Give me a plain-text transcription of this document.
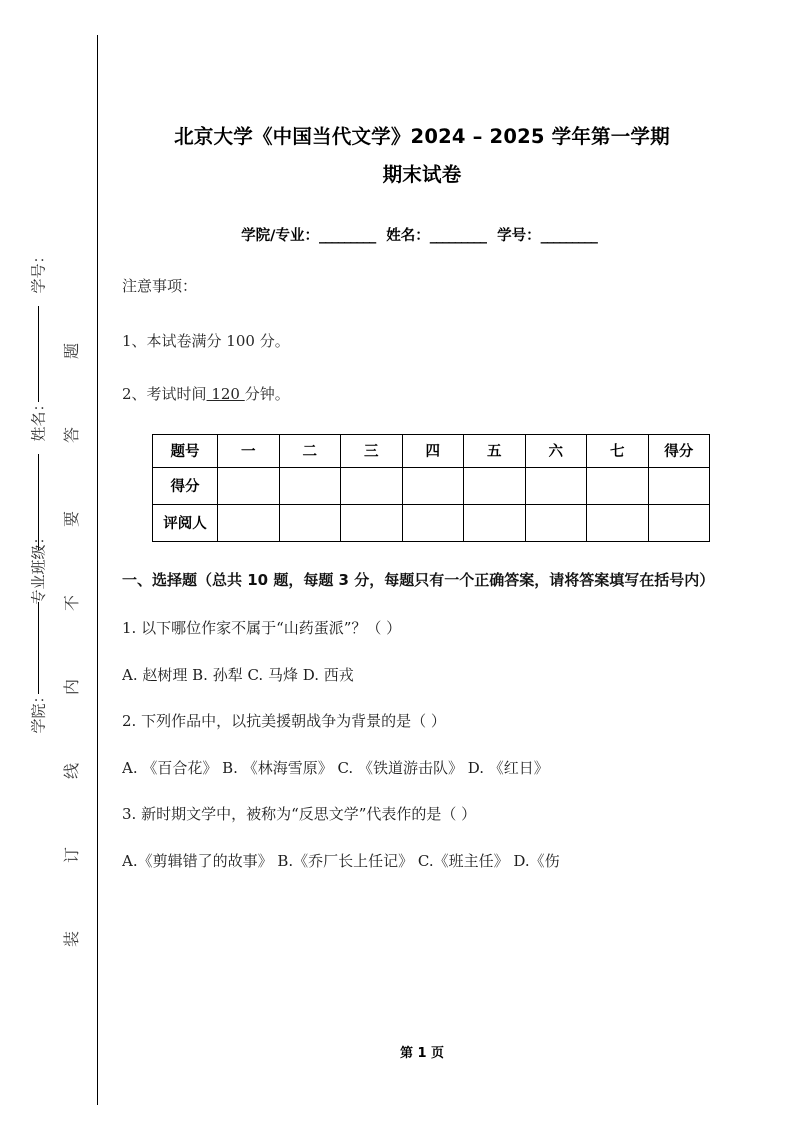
题
答
要
不
内
线
订
装
学号：
姓名：
专业班级：
学院：
北京大学《中国当代文学》2024 – 2025 学年第一学期
期末试卷
学院/专业：_________ 姓名：_________ 学号：_________

注意事项：

1、本试卷满分 100 分。

2、考试时间 120 分钟。

题号	一	二	三	四	五	六	七	得分
得分								
评阅人								

一、选择题（总共 10 题，每题 3 分，每题只有一个正确答案，请将答案填写在括号内）

1. 以下哪位作家不属于“山药蛋派”？（ ）

A. 赵树理 B. 孙犁 C. 马烽 D. 西戎

2. 下列作品中，以抗美援朝战争为背景的是（ ）

A. 《百合花》 B. 《林海雪原》 C. 《铁道游击队》 D. 《红日》

3. 新时期文学中，被称为“反思文学”代表作的是（ ）

A.《剪辑错了的故事》 B.《乔厂长上任记》 C.《班主任》 D.《伤

第 1 页
